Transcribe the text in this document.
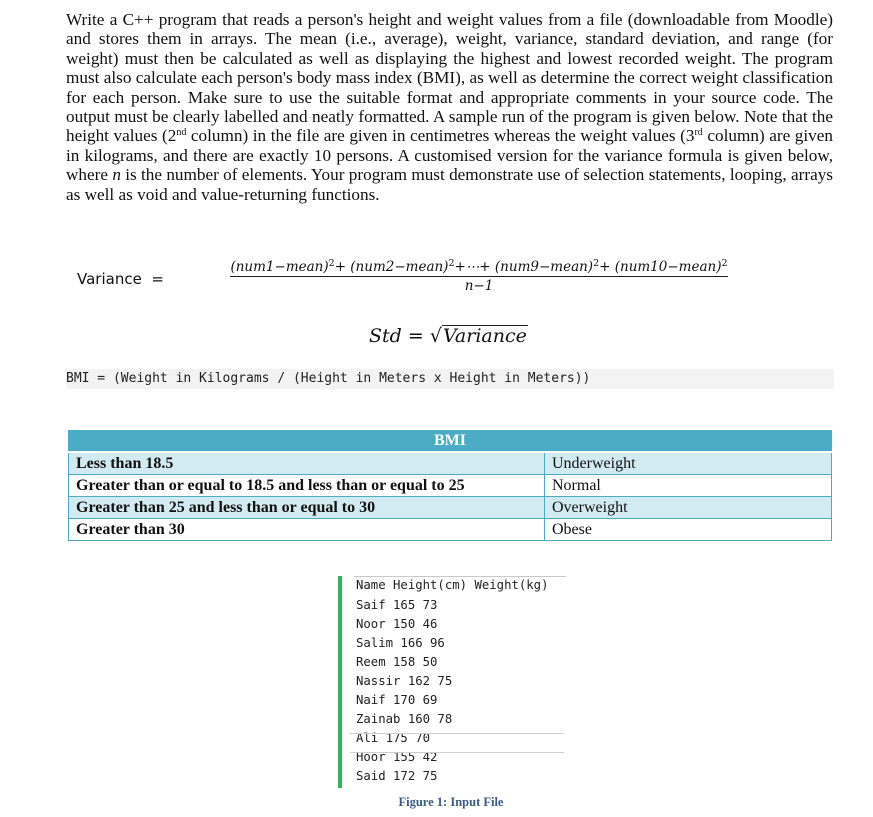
Write a C++ program that reads a person's height and weight values from a file (downloadable from Moodle) and stores them in arrays. The mean (i.e., average), weight, variance, standard deviation, and range (for weight) must then be calculated as well as displaying the highest and lowest recorded weight. The program must also calculate each person's body mass index (BMI), as well as determine the correct weight classification for each person. Make sure to use the suitable format and appropriate comments in your source code. The output must be clearly labelled and neatly formatted. A sample run of the program is given below. Note that the height values (2nd column) in the file are given in centimetres whereas the weight values (3rd column) are given in kilograms, and there are exactly 10 persons. A customised version for the variance formula is given below, where n is the number of elements. Your program must demonstrate use of selection statements, looping, arrays as well as void and value-returning functions.

Variance =
(num1−mean)$^2$+ (num2−mean)$^2$+⋯+ (num9−mean)$^2$+ (num10−mean)$^2$
n−1
Std = √Variance
BMI = (Weight in Kilograms / (Height in Meters x Height in Meters))
BMI	
Less than 18.5	Underweight
Greater than or equal to 18.5 and less than or equal to 25	Normal
Greater than 25 and less than or equal to 30	Overweight
Greater than 30	Obese
Name Height(cm) Weight(kg)
Saif 165 73
Noor 150 46
Salim 166 96
Reem 158 50
Nassir 162 75
Naif 170 69
Zainab 160 78
Ali 175 70
Hoor 155 42
Said 172 75
Figure 1: Input File
